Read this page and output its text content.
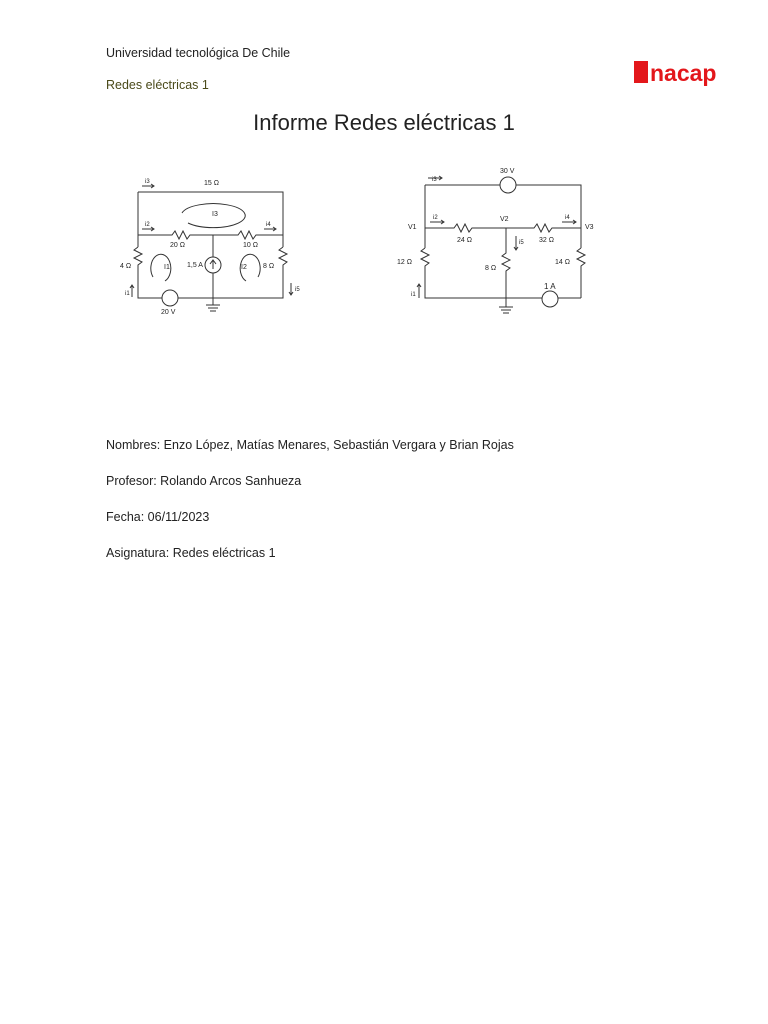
Universidad tecnológica De Chile
Redes eléctricas 1	nacap
Informe Redes eléctricas 1
15 Ω
20 Ω	10 Ω
4 Ω	8 Ω
1,5 A
20 V
I3
I1	I2
i3
i2	i4
i1
i5
30 V
V1
V2
V3
24 Ω	32 Ω
12 Ω
8 Ω
14 Ω
1 A
i3
i2	i4
i5
i1
Nombres: Enzo López, Matías Menares, Sebastián Vergara y Brian Rojas
Profesor: Rolando Arcos Sanhueza
Fecha: 06/11/2023
Asignatura: Redes eléctricas 1
